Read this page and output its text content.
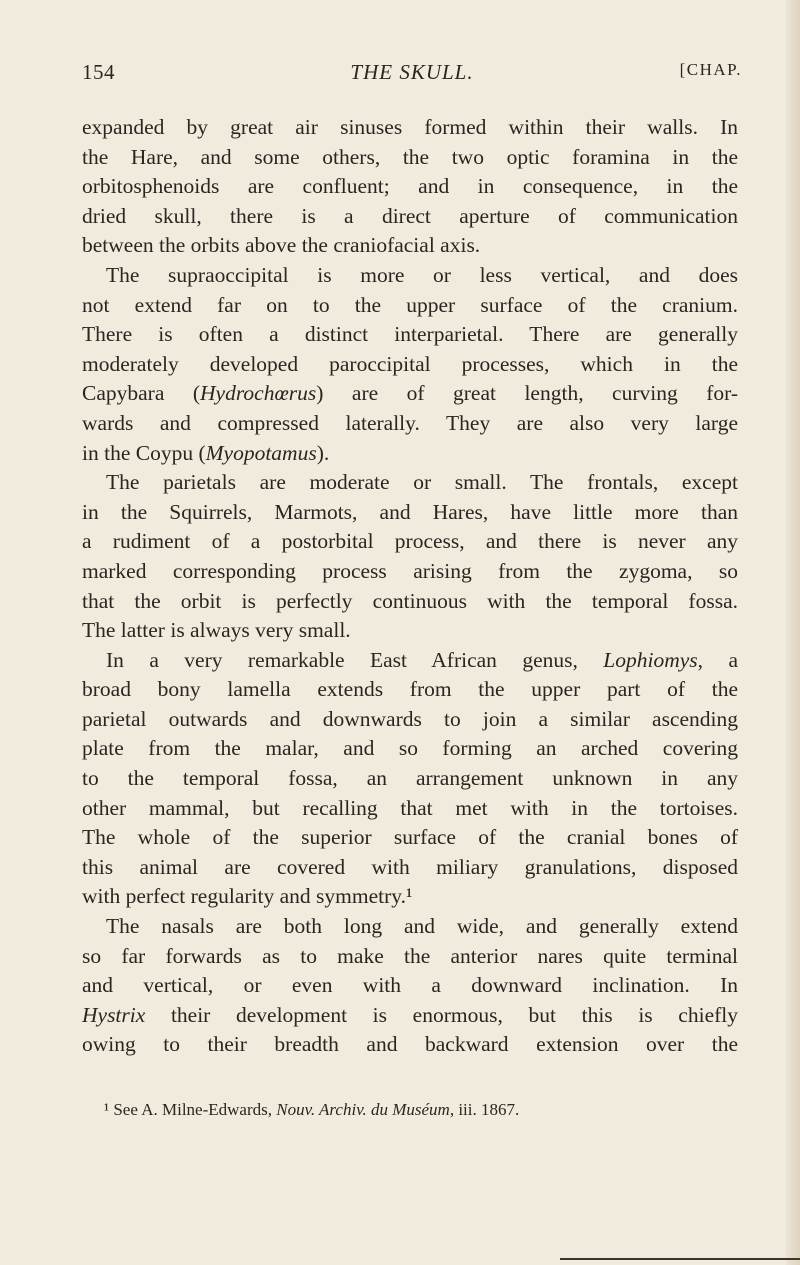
154	THE SKULL.	[CHAP.
expanded by great air sinuses formed within their walls. In
the Hare, and some others, the two optic foramina in the
orbitosphenoids are confluent; and in consequence, in the
dried skull, there is a direct aperture of communication
between the orbits above the craniofacial axis.
The supraoccipital is more or less vertical, and does
not extend far on to the upper surface of the cranium.
There is often a distinct interparietal. There are generally
moderately developed paroccipital processes, which in the
Capybara (Hydrochœrus) are of great length, curving for-
wards and compressed laterally. They are also very large
in the Coypu (Myopotamus).
The parietals are moderate or small. The frontals, except
in the Squirrels, Marmots, and Hares, have little more than
a rudiment of a postorbital process, and there is never any
marked corresponding process arising from the zygoma, so
that the orbit is perfectly continuous with the temporal fossa.
The latter is always very small.
In a very remarkable East African genus, Lophiomys, a
broad bony lamella extends from the upper part of the
parietal outwards and downwards to join a similar ascending
plate from the malar, and so forming an arched covering
to the temporal fossa, an arrangement unknown in any
other mammal, but recalling that met with in the tortoises.
The whole of the superior surface of the cranial bones of
this animal are covered with miliary granulations, disposed
with perfect regularity and symmetry.¹
The nasals are both long and wide, and generally extend
so far forwards as to make the anterior nares quite terminal
and vertical, or even with a downward inclination. In
Hystrix their development is enormous, but this is chiefly
owing to their breadth and backward extension over the
¹ See A. Milne-Edwards, Nouv. Archiv. du Muséum, iii. 1867.
